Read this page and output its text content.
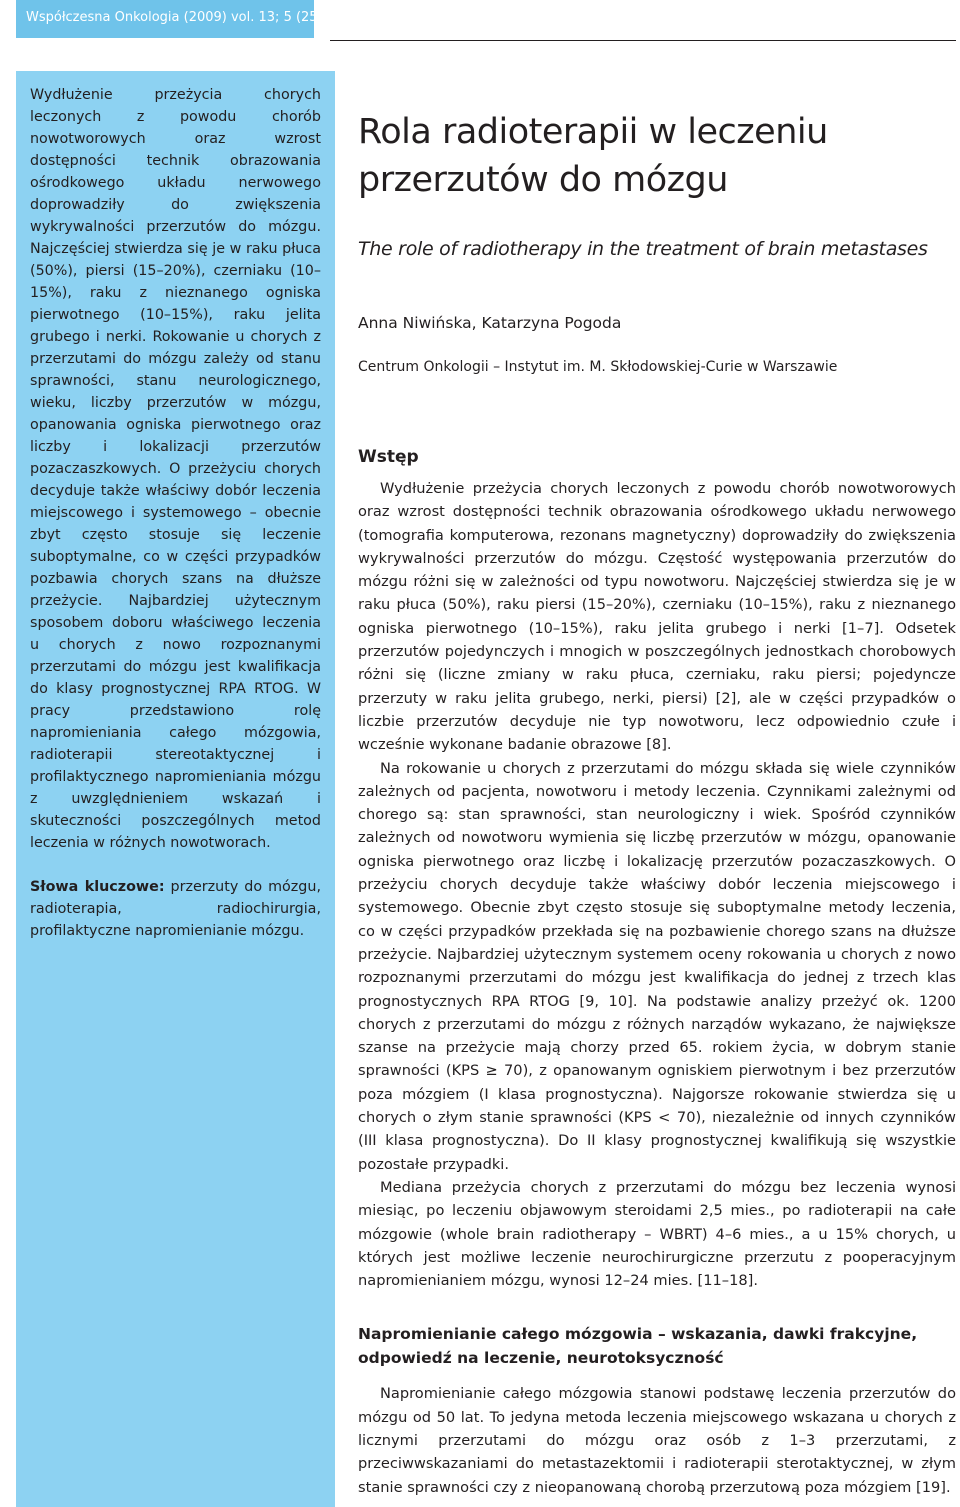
Współczesna Onkologia (2009) vol. 13; 5 (255–261)

Wydłużenie przeżycia chorych leczonych z powodu chorób nowotworowych oraz wzrost dostępności technik obrazowania ośrodkowego układu nerwowego doprowadziły do zwiększenia wykrywalności przerzutów do mózgu. Najczęściej stwierdza się je w raku płuca (50%), piersi (15–20%), czerniaku (10–15%), raku z nieznanego ogniska pierwotnego (10–15%), raku jelita grubego i nerki. Rokowanie u chorych z przerzutami do mózgu zależy od stanu sprawności, stanu neurologicznego, wieku, liczby przerzutów w mózgu, opanowania ogniska pierwotnego oraz liczby i lokalizacji przerzutów pozaczaszkowych. O przeżyciu chorych decyduje także właściwy dobór leczenia miejscowego i systemowego – obecnie zbyt często stosuje się leczenie suboptymalne, co w części przypadków pozbawia chorych szans na dłuższe przeżycie. Najbardziej użytecznym sposobem doboru właściwego leczenia u chorych z nowo rozpoznanymi przerzutami do mózgu jest kwalifikacja do klasy prognostycznej RPA RTOG. W pracy przedstawiono rolę napromieniania całego mózgowia, radioterapii stereotaktycznej i profilaktycznego napromieniania mózgu z uwzględnieniem wskazań i skuteczności poszczególnych metod leczenia w różnych nowotworach.

Słowa kluczowe: przerzuty do mózgu, radioterapia, radiochirurgia, profilaktyczne napromienianie mózgu.

Rola radioterapii w leczeniu przerzutów do mózgu

The role of radiotherapy in the treatment of brain metastases

Anna Niwińska, Katarzyna Pogoda

Centrum Onkologii – Instytut im. M. Skłodowskiej-Curie w Warszawie

Wstęp

Wydłużenie przeżycia chorych leczonych z powodu chorób nowotworowych oraz wzrost dostępności technik obrazowania ośrodkowego układu nerwowego (tomografia komputerowa, rezonans magnetyczny) doprowadziły do zwiększenia wykrywalności przerzutów do mózgu. Częstość występowania przerzutów do mózgu różni się w zależności od typu nowotworu. Najczęściej stwierdza się je w raku płuca (50%), raku piersi (15–20%), czerniaku (10–15%), raku z nieznanego ogniska pierwotnego (10–15%), raku jelita grubego i nerki [1–7]. Odsetek przerzutów pojedynczych i mnogich w poszczególnych jednostkach chorobowych różni się (liczne zmiany w raku płuca, czerniaku, raku piersi; pojedyncze przerzuty w raku jelita grubego, nerki, piersi) [2], ale w części przypadków o liczbie przerzutów decyduje nie typ nowotworu, lecz odpowiednio czułe i wcześnie wykonane badanie obrazowe [8].

Na rokowanie u chorych z przerzutami do mózgu składa się wiele czynników zależnych od pacjenta, nowotworu i metody leczenia. Czynnikami zależnymi od chorego są: stan sprawności, stan neurologiczny i wiek. Spośród czynników zależnych od nowotworu wymienia się liczbę przerzutów w mózgu, opanowanie ogniska pierwotnego oraz liczbę i lokalizację przerzutów pozaczaszkowych. O przeżyciu chorych decyduje także właściwy dobór leczenia miejscowego i systemowego. Obecnie zbyt często stosuje się suboptymalne metody leczenia, co w części przypadków przekłada się na pozbawienie chorego szans na dłuższe przeżycie. Najbardziej użytecznym systemem oceny rokowania u chorych z nowo rozpoznanymi przerzutami do mózgu jest kwalifikacja do jednej z trzech klas prognostycznych RPA RTOG [9, 10]. Na podstawie analizy przeżyć ok. 1200 chorych z przerzutami do mózgu z różnych narządów wykazano, że największe szanse na przeżycie mają chorzy przed 65. rokiem życia, w dobrym stanie sprawności (KPS ≥ 70), z opanowanym ogniskiem pierwotnym i bez przerzutów poza mózgiem (I klasa prognostyczna). Najgorsze rokowanie stwierdza się u chorych o złym stanie sprawności (KPS < 70), niezależnie od innych czynników (III klasa prognostyczna). Do II klasy prognostycznej kwalifikują się wszystkie pozostałe przypadki.

Mediana przeżycia chorych z przerzutami do mózgu bez leczenia wynosi miesiąc, po leczeniu objawowym steroidami 2,5 mies., po radioterapii na całe mózgowie (whole brain radiotherapy – WBRT) 4–6 mies., a u 15% chorych, u których jest możliwe leczenie neurochirurgiczne przerzutu z pooperacyjnym napromienianiem mózgu, wynosi 12–24 mies. [11–18].

Napromienianie całego mózgowia – wskazania, dawki frakcyjne, odpowiedź na leczenie, neurotoksyczność

Napromienianie całego mózgowia stanowi podstawę leczenia przerzutów do mózgu od 50 lat. To jedyna metoda leczenia miejscowego wskazana u chorych z licznymi przerzutami do mózgu oraz osób z 1–3 przerzutami, z przeciwwskazaniami do metastazektomii i radioterapii sterotaktycznej, w złym stanie sprawności czy z nieopanowaną chorobą przerzutową poza mózgiem [19].
